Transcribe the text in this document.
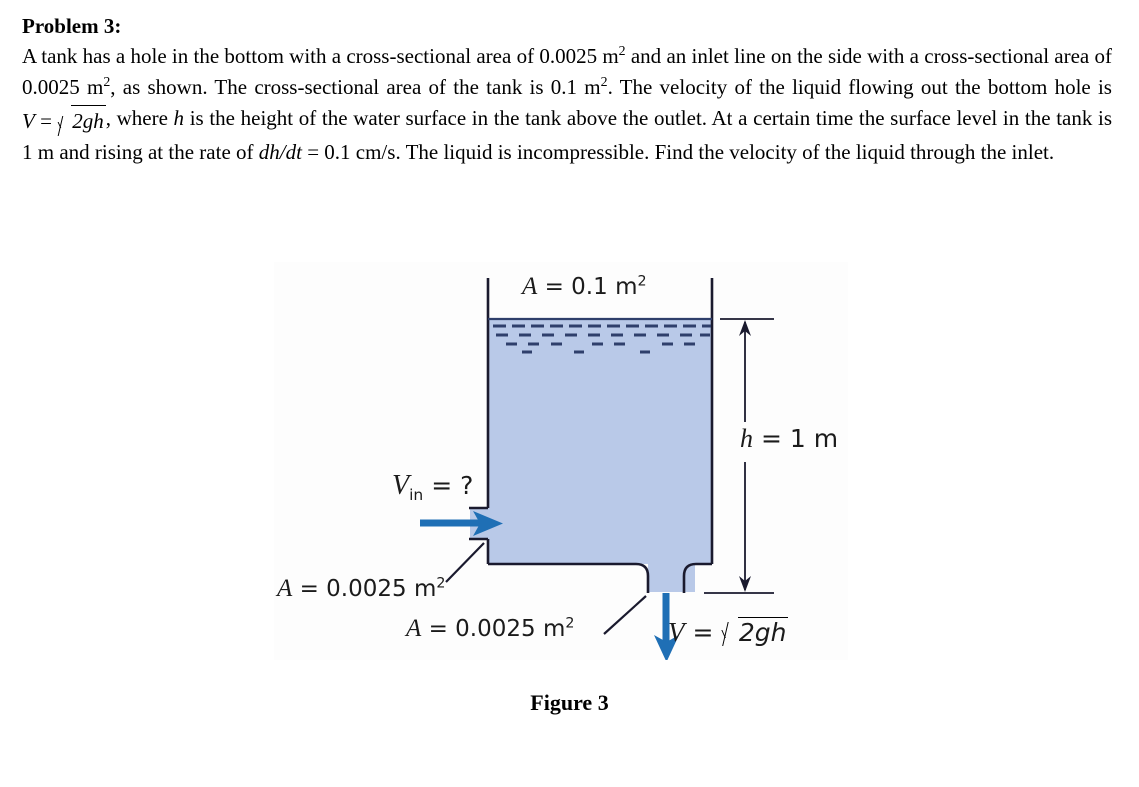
Problem 3:
A tank has a hole in the bottom with a cross-sectional area of 0.0025 $m^2$ and an inlet line on the side with a cross-sectional area of 0.0025 $m^2$, as shown. The cross-sectional area of the tank is 0.1 $m^2$. The velocity of the liquid flowing out the bottom hole is V = 2gh, where h is the height of the water surface in the tank above the outlet. At a certain time the surface level in the tank is 1 m and rising at the rate of dh/dt = 0.1 cm/s. The liquid is incompressible. Find the velocity of the liquid through the inlet.
A = 0.1 $m^2$
h = 1 m
$V_{in}$ = ?
A = 0.0025 $m^2$
A = 0.0025 $m^2$	V = 2gh
Figure 3
